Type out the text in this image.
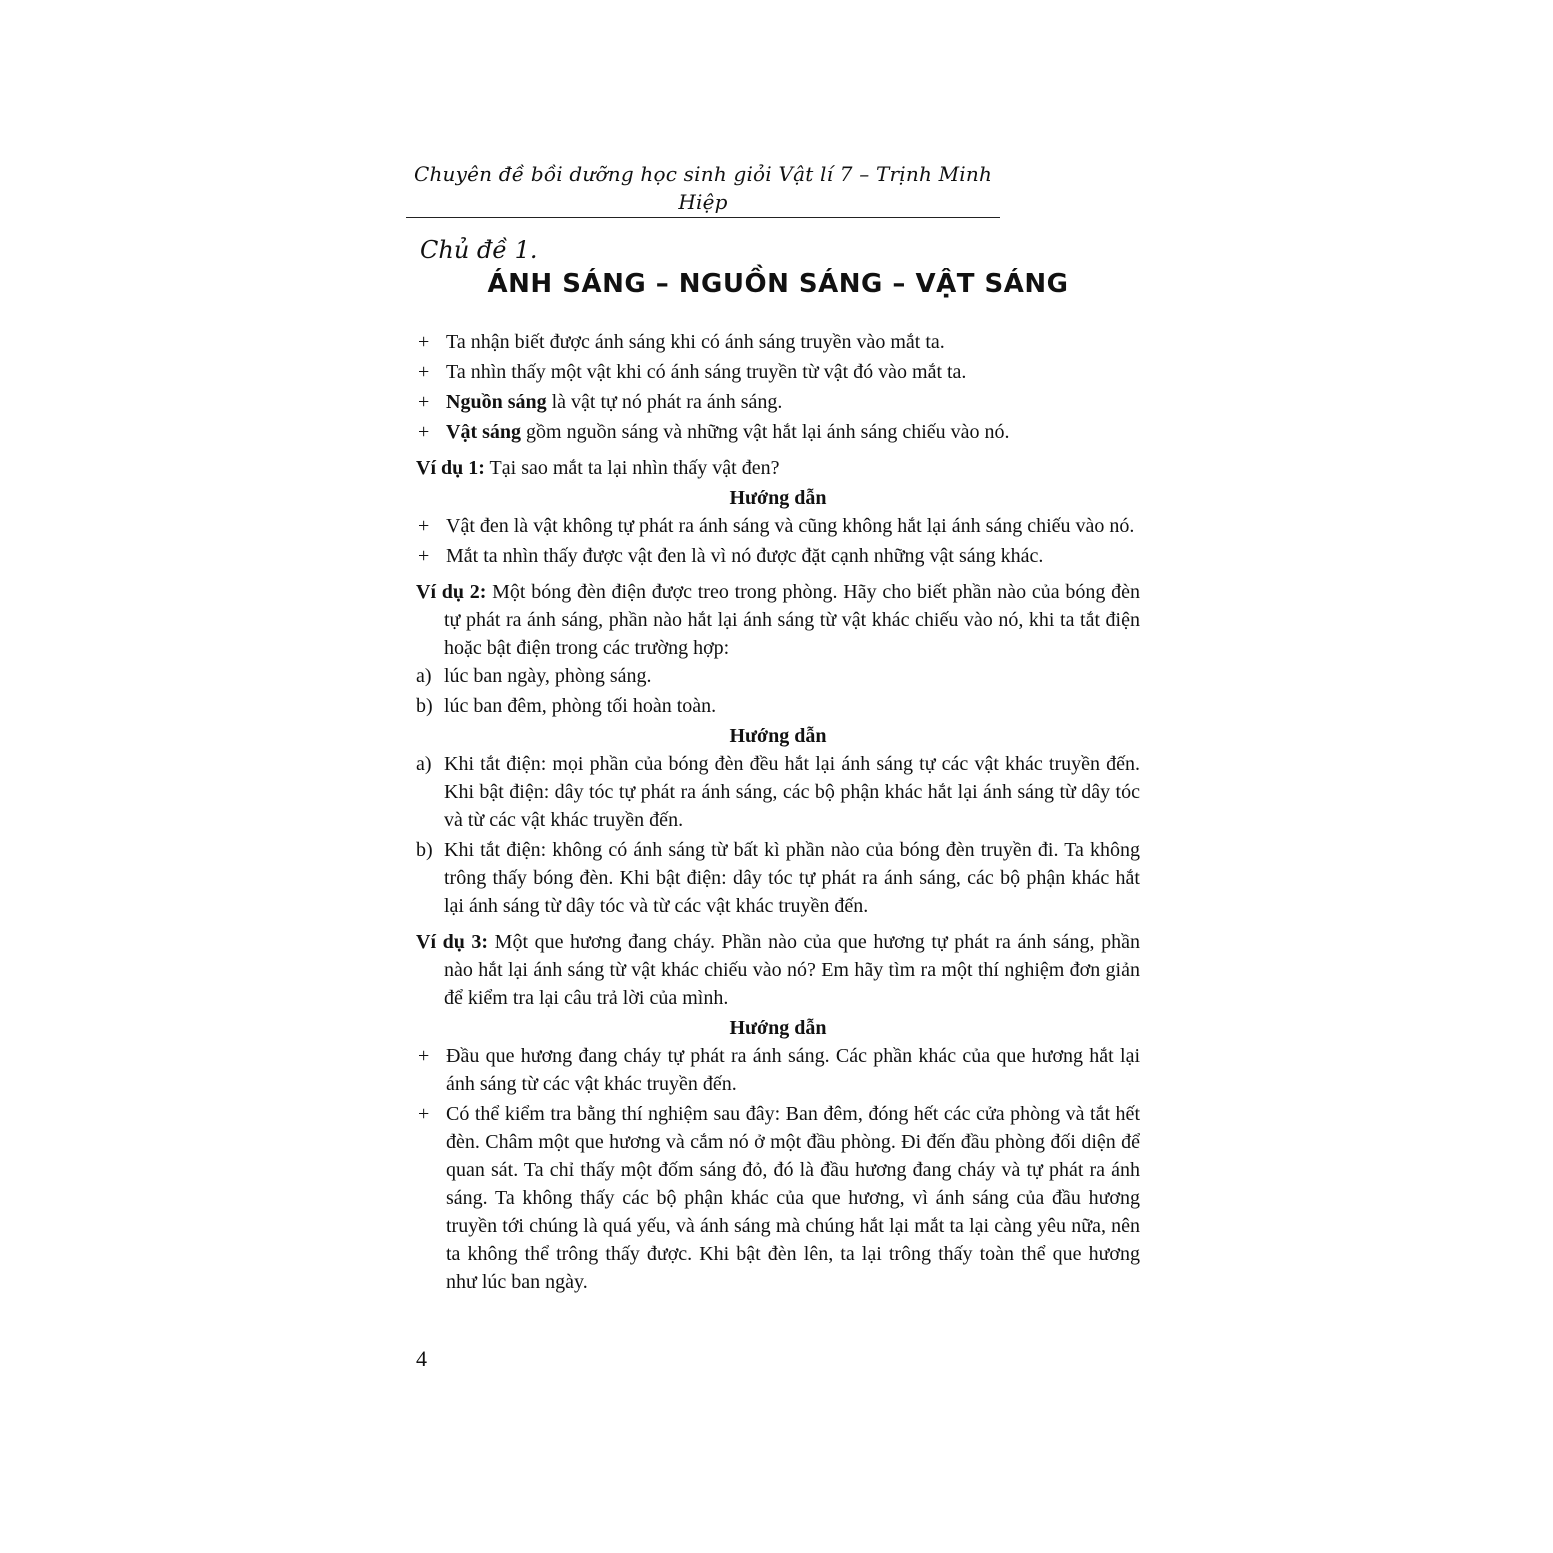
Chuyên đề bồi dưỡng học sinh giỏi Vật lí 7 – Trịnh Minh Hiệp
Chủ đề 1.
ÁNH SÁNG – NGUỒN SÁNG – VẬT SÁNG
+ Ta nhận biết được ánh sáng khi có ánh sáng truyền vào mắt ta.
+ Ta nhìn thấy một vật khi có ánh sáng truyền từ vật đó vào mắt ta.
+ Nguồn sáng là vật tự nó phát ra ánh sáng.
+ Vật sáng gồm nguồn sáng và những vật hắt lại ánh sáng chiếu vào nó.
Ví dụ 1: Tại sao mắt ta lại nhìn thấy vật đen?
Hướng dẫn
+ Vật đen là vật không tự phát ra ánh sáng và cũng không hắt lại ánh sáng chiếu vào nó.
+ Mắt ta nhìn thấy được vật đen là vì nó được đặt cạnh những vật sáng khác.
Ví dụ 2: Một bóng đèn điện được treo trong phòng. Hãy cho biết phần nào của bóng đèn tự phát ra ánh sáng, phần nào hắt lại ánh sáng từ vật khác chiếu vào nó, khi ta tắt điện hoặc bật điện trong các trường hợp:
a) lúc ban ngày, phòng sáng.
b) lúc ban đêm, phòng tối hoàn toàn.
Hướng dẫn
a) Khi tắt điện: mọi phần của bóng đèn đều hắt lại ánh sáng tự các vật khác truyền đến. Khi bật điện: dây tóc tự phát ra ánh sáng, các bộ phận khác hắt lại ánh sáng từ dây tóc và từ các vật khác truyền đến.
b) Khi tắt điện: không có ánh sáng từ bất kì phần nào của bóng đèn truyền đi. Ta không trông thấy bóng đèn. Khi bật điện: dây tóc tự phát ra ánh sáng, các bộ phận khác hắt lại ánh sáng từ dây tóc và từ các vật khác truyền đến.
Ví dụ 3: Một que hương đang cháy. Phần nào của que hương tự phát ra ánh sáng, phần nào hắt lại ánh sáng từ vật khác chiếu vào nó? Em hãy tìm ra một thí nghiệm đơn giản để kiểm tra lại câu trả lời của mình.
Hướng dẫn
+ Đầu que hương đang cháy tự phát ra ánh sáng. Các phần khác của que hương hắt lại ánh sáng từ các vật khác truyền đến.
+ Có thể kiểm tra bằng thí nghiệm sau đây: Ban đêm, đóng hết các cửa phòng và tắt hết đèn. Châm một que hương và cắm nó ở một đầu phòng. Đi đến đầu phòng đối diện để quan sát. Ta chỉ thấy một đốm sáng đỏ, đó là đầu hương đang cháy và tự phát ra ánh sáng. Ta không thấy các bộ phận khác của que hương, vì ánh sáng của đầu hương truyền tới chúng là quá yếu, và ánh sáng mà chúng hắt lại mắt ta lại càng yêu nữa, nên ta không thể trông thấy được. Khi bật đèn lên, ta lại trông thấy toàn thể que hương như lúc ban ngày.
4
